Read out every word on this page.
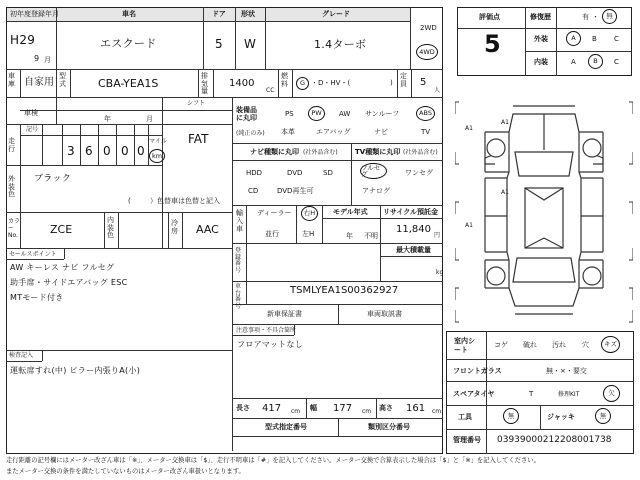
初年度登録年月	車名	ドア 形状	グレード
2WD
4WD
H29
9 月
エスクード	5 W	1.4ターボ
車庫 自家用
型式	CBA-YEA1S
排気量
1400
CC
燃料	G ・D・HV・(	)
定員	5
人
車検
年	月
シフト
FAT
走行
記号
3 6 0 0 0
マイル
km
外装色
ブラック
(	）色替車は色替と記入
カラーNo.	ZCE
内装色
冷房 AAC
セールスポイント
AW キーレス ナビ フルセグ
助手席・サイドエアバッグ ESC
MTモード付き
検査記入
運転席すれ(中) ピラー内張りA(小)
装備品に丸印
(純正のみ)
PS	PW AW サンルーフ	ABS
本革	エアバッグ	ナビ	TV
ナビ種類に丸印 (社外品含む)
HDD	DVD	SD
CD	DVD再生可
TV種類に丸印 (社外品含む)
フルセグ	ワンセグ
アナログ
輸入車
ディーラー
並行
右H
左H
モデル年式
年 不明
リサイクル預託金
11,840
円
登録番号
最大積載量
kg
車台番号
TSMLYEA1S00362927
新車保証書	車両取説書
注意事項・不具合箇所
フロアマットなし
長さ 417 cm 幅 177 cm 高さ 161 cm
型式指定番号	類別区分番号
評価点
5
修復歴	有 ・ 無
外装	A B C
内装	A	B C
A1
A1
A1
A1
室内シート
コゲ 破れ 汚れ 穴 キズ
フロントガラス	無・×・要交
スペアタイヤ	T	修理KIT	欠
工具	無	ジャッキ	無
管理番号 03939000212208001738
走行距離の記号欄にはメーター改ざん車は「※」、メーター交換車は「$」、走行不明車は「#」を記入してください。メーター交換で合算表示した場合は「$」と「※」を記入してください。
またメーター交換の条件を満たしていないものはメーター改ざん車扱いとなります。
